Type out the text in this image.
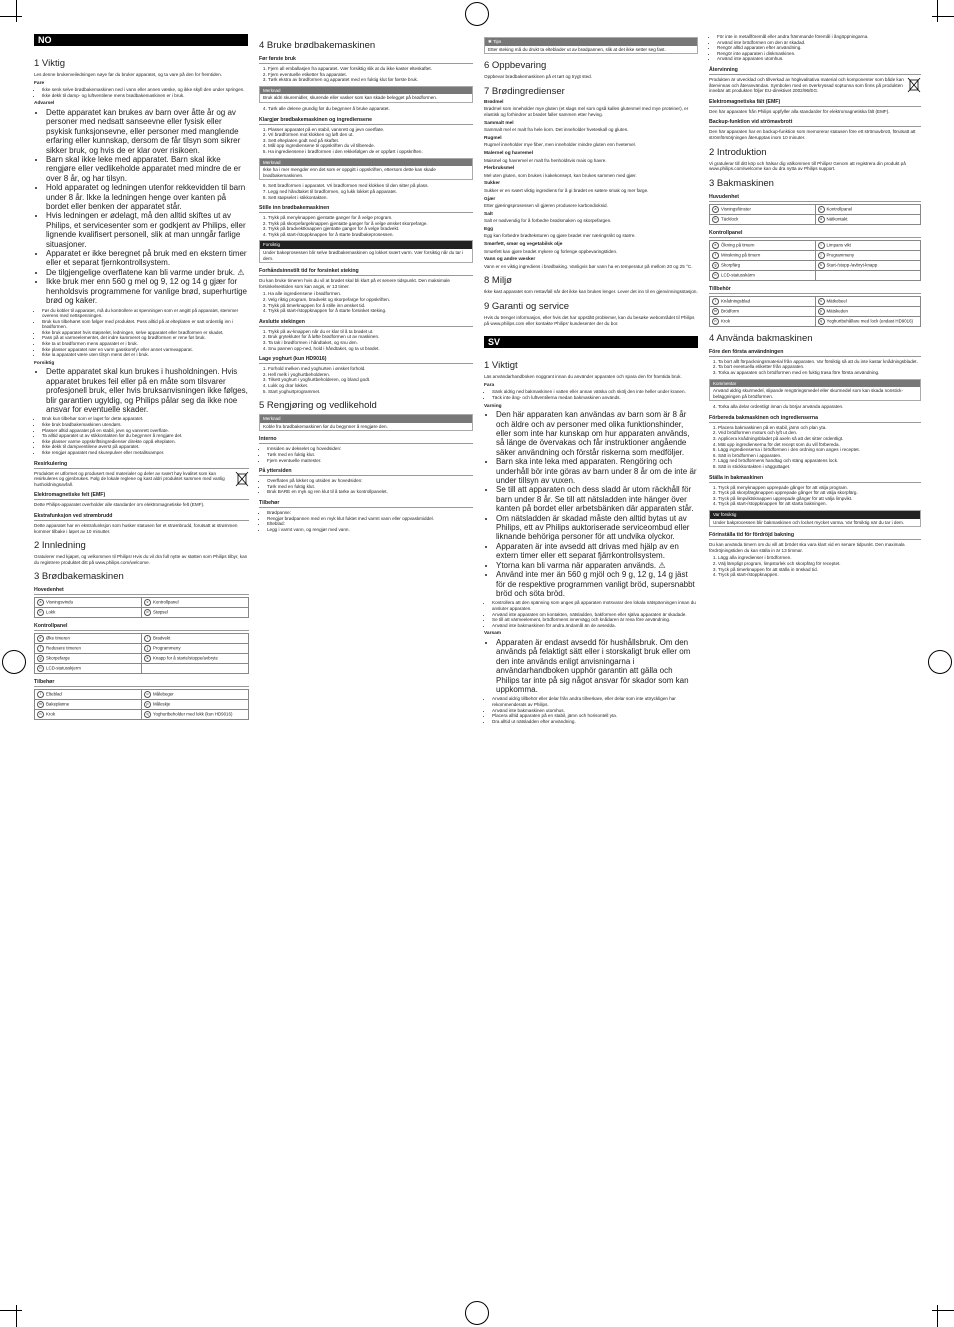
NO
1 Viktig

Les denne brukerveiledningen nøye før du bruker apparatet, og ta vare på den for fremtiden.

Fare
• Ikke senk selve brødbakemaskinen ned i vann eller annen væske, og ikke skyll den under springen.
• Ikke dekk til damp- og luftventilene mens brødbakemaskinen er i bruk.
Advarsel
• Dette apparatet kan brukes av barn over åtte år og av personer med nedsatt sanseevne eller fysisk eller psykisk funksjonsevne, eller personer med manglende erfaring eller kunnskap, dersom de får tilsyn som sikrer sikker bruk, og hvis de er klar over risikoen.
• Barn skal ikke leke med apparatet. Barn skal ikke rengjøre eller vedlikeholde apparatet med mindre de er over 8 år, og har tilsyn.
• Hold apparatet og ledningen utenfor rekkevidden til barn under 8 år. Ikke la ledningen henge over kanten på bordet eller benken der apparatet står.
• Hvis ledningen er ødelagt, må den alltid skiftes ut av Philips, et servicesenter som er godkjent av Philips, eller lignende kvalifisert personell, slik at man unngår farlige situasjoner.
• Apparatet er ikke beregnet på bruk med en ekstern timer eller et separat fjernkontrollsystem.
• De tilgjengelige overflatene kan bli varme under bruk. ⚠
• Ikke bruk mer enn 560 g mel og 9, 12 og 14 g gjær for henholdsvis programmene for vanlige brød, superhurtige brød og kaker.
• Før du kobler til apparatet, må du kontrollere at spenningen som er angitt på apparatet, stemmer overens med nettspenningen.
• Bruk kun tilbehøret som følger med produktet. Pass alltid på at elteplaten er satt ordentlig inn i brødformen.
• Ikke bruk apparatet hvis støpselet, ledningen, selve apparatet eller brødformen er skadet.
• Pass på at varmeelementet, det indre kammeret og brødformen er rene før bruk.
• Ikke ta ut brødformen mens apparatet er i bruk.
• Ikke plasser apparatet nær en varm gasskomfyr eller annet varmeapparat.
• Ikke la apparatet være uten tilsyn mens det er i bruk.
Forsiktig
• Dette apparatet skal kun brukes i husholdningen. Hvis apparatet brukes feil eller på en måte som tilsvarer profesjonell bruk, eller hvis bruksanvisningen ikke følges, blir garantien ugyldig, og Philips pålar seg da ikke noe ansvar for eventuelle skader.
• Bruk kun tilbehør som er laget for dette apparatet.
• Ikke bruk brødbakemaskinen utendørs.
• Plasser alltid apparatet på en stabil, jevn og vannrett overflate.
• Ta alltid apparatet ut av stikkontakten før du begynner å rengjøre det.
• Ikke plasser varme oppskriftsingredienser direkte oppå elteplaten.
• Ikke dekk til dampventilene øverst på apparatet.
• Ikke rengjør apparatet med skurepulver eller metallsvamper.
Resirkulering

Produktet er utformet og produsert med materialer og deler av svært høy kvalitet som kan resirkuleres og gjenbrukes. Følg de lokale reglene og kast aldri produktet sammen med vanlig husholdningsavfall.

Elektromagnetiske felt (EMF)

Dette Philips-apparatet overholder alle standarder om elektromagnetiske felt (EMF).

Ekstrafunksjon ved strømbrudd

Dette apparatet har en ekstrafunksjon som husker statusen før et strømbrudd, forutsatt at strømmen kommer tilbake i løpet av 10 minutter.

2 Innledning

Gratulerer med kjøpet, og velkommen til Philips! Hvis du vil dra full nytte av støtten som Philips tilbyr, kan du registrere produktet ditt på www.philips.com/welcome.

3 Brødbakemaskinen
Hovedenhet
a Visningsvindu	c Kontrollpanel
b Lokk	d Støpsel
Kontrollpanel
e Øke timeren	i Bradvekt
f Redusere timeren	j Programmeny
g Skorpefarge	k Knapp for å starte/stoppe/avbryte
h LCD-statusskjerm	
Tilbehør
l Elteblad	o Målebeger
m Bakeplanne	p Måleskje
n Krok	q Yoghurtbeholder med lokk (kun HD9016)
4 Bruke brødbakemaskinen
Før første bruk
1. Fjern all emballasjen fra apparatet. Vær forsiktig slik at du ikke kaster elteskaftet.
2. Fjern eventuelle etiketter fra apparatet.
3. Tørk ekstra av brødformen og apparatet med en fuktig klut før første bruk.
Merknad
Bruk aldri skuremidler, skurende eller vasker som kan skade belegget på brødformen.
4. Tørk alle delene grundig før du begynner å bruke apparatet.
Klargjør brødbakemaskinen og ingrediensene
1. Plasser apparatet på en stabil, vannrett og jevn overflate.
2. Vri brødformen mot klokken og løft den ut.
3. Sett elteplaten godt ned på skaftet.
4. Mål opp ingrediensene til oppskriften du vil tilberede.
5. Ha ingrediensene i brødformen i den rekkefølgen de er oppført i oppskriften.
Merknad
Ikke ha i mer mengder enn det som er oppgitt i oppskriften, ettersom dette kan skade brødbakemaskinen.
6. Sett brødformen i apparatet. Vri brødformen med klokken til den sitter på plass.
7. Legg ned håndtaket til brødformen, og lukk lokket på apparatet.
8. Sett støpselet i stikkontakten.
Stille inn brødbakemaskinen
1. Trykk på menyknappen gjentatte ganger for å velge program.
2. Trykk på skorpefargeknappen gjentatte ganger for å velge ønsket skorpefarge.
3. Trykk på bradvektknappen gjentatte ganger for å velge bradvekt.
4. Trykk på start-/stoppknappen for å starte brødbakeprosessen.
Forsiktig
Under bakeprosessen blir selve brødbakemaskinen og lokket svært varm. Vær forsiktig når du tar i dem.
Forhåndsinnstilt tid for forsinket steking

Du kan bruke timeren hvis du vil at brødet skal bli klart på et senere tidspunkt. Den maksimale forsinkelsestiden som kan angis, er 13 timer.

1. Ha alle ingrediensene i brødformen.
2. Velg riktig program, bradvekt og skorpefarge for oppskriften.
3. Trykk på timerknappen for å stille inn ønsket tid.
4. Trykk på start-/stoppknappen for å starte forsinket steking.
Avslutte stekingen
1. Trykk på av-knappen når du er klar til å ta brødet ut.
2. Bruk grytekluter for å løfte brødformen ut av maskinen.
3. Ta tak i brødformen i håndtaket, og snu den.
4. Snu pannen opp-ned, hold i håndtaket, og ta ut brødet.
Lage yoghurt (kun HD9016)
1. Forhold melken med yoghurten i ønsket forhold.
2. Hell melk i yoghurtbeholderen.
3. Tilsett yoghurt i yoghurtbeholderen, og bland godt.
4. Lukk og drar lokket.
5. Start yoghurtprogrammet.
5 Rengjøring og vedlikehold
Merknad
Koble fra brødbakemaskinen før du begynner å rengjøre den.
Interno
• Innsiden av dekselet og hovedsiden:
• Tørk med en fuktig klut.
• Fjern eventuelle matrester.
På yttersiden
• Overflaten på lokket og utsiden av hovedsiden:
• Tørk med en fuktig klut.
• Bruk BARE en myk og ren klut til å tørke av kontrollpanelet.
Tilbehør
• Brødpanne:
• Rengjør brødpannen med en myk klut fuktet med varmt vann eller oppvaskmiddel.
• Elteblad:
• Legg i varmt vann, og rengjør med vann.
✱ Tips
Etter steking må du drukt ta elteblader ut av brødpannen, slik at det ikke setter seg fast.
6 Oppbevaring

Oppbevar brødbakemaskinen på et tørt og trygt sted.

7 Brødingredienser
Brødmel

Brødmel som inneholder mye gluten (et slags mel som også kalles glutenmel med mye proteiner), er elastisk og forhindrer at brødet faller sammen etter heving.

Sammalt mel

Sammalt mel er malt fra hele korn. Det inneholder hveteskall og gluten.

Rugmel

Rugmel inneholder mye fiber, men inneholder mindre gluten enn hvetemel.

Malernel og havremel

Maismel og havremel er malt fra henholdsvis mais og havre.

Flerbruksmel

Mel uten gluten, som brukes i kakekonsept, kan brukes sammen med gjær.

Sukker

Sukker er en svært viktig ingrediens for å gi brødet en søtere smak og mer farge.

Gjær

Etter gjæringsprosessen vil gjæren produsere karbondioksid.

Salt

Salt er nødvendig for å forbedre brødsmaken og skorpefargen.

Egg

Egg kan forbedre brødteksturen og gjøre brødet mer næringsrikt og større.

Smørfett, smør og vegetabilsk olje

Smørfett kan gjøre brødet mykere og forlenge oppbevaringstiden.

Vann og andre væsker

Vann er en viktig ingrediens i brødbaking. Vanligvis bør vann ha en temperatur på mellom 20 og 25 °C.

8 Miljø

Ikke kast apparatet som restavfall når det ikke kan brukes lenger. Lever det inn til en gjenvinningsstasjon.

9 Garanti og service

Hvis du trenger informasjon, eller hvis det har oppstått problemer, kan du besøke webområdet til Philips på www.philips.com eller kontakte Philips' kundesenter der du bor.

SV
1 Viktigt

Läs användarhandboken noggrant innan du använder apparaten och spara den för framtida bruk.

Fara
• Sänk aldrig ned bakmaskinen i vatten eller annan vätska och skölj den inte heller under kranen.
• Täck inte ång- och luftventilerna medan bakmaskinen används.
Varning
• Den här apparaten kan användas av barn som är 8 år och äldre och av personer med olika funktionshinder, eller som inte har kunskap om hur apparaten används, så länge de övervakas och får instruktioner angående säker användning och förstår riskerna som medföljer.
• Barn ska inte leka med apparaten. Rengöring och underhåll bör inte göras av barn under 8 år om de inte är under tillsyn av vuxen.
• Se till att apparaten och dess sladd är utom räckhåll för barn under 8 år. Se till att nätsladden inte hänger över kanten på bordet eller arbetsbänken där apparaten står.
• Om nätsladden är skadad måste den alltid bytas ut av Philips, ett av Philips auktoriserade serviceombud eller liknande behöriga personer för att undvika olyckor.
• Apparaten är inte avsedd att drivas med hjälp av en extern timer eller ett separat fjärrkontrollsystem.
• Ytorna kan bli varma när apparaten används. ⚠
• Använd inte mer än 560 g mjöl och 9 g, 12 g, 14 g jäst för de respektive programmen vanligt bröd, supersnabbt bröd och söta bröd.
• Kontrollera att den spänning som anges på apparaten motsvarar den lokala nätspänningen innan du ansluter apparaten.
• Använd inte apparaten om kontakten, nätsladden, bakformen eller själva apparaten är skadade.
• Se till att värmeelement, brödformens innervägg och knådaren är rena före användning.
• Använd inte bakmaskinen för andra ändamål än de avsedda.
Varsam
• Apparaten är endast avsedd för hushållsbruk. Om den används på felaktigt sätt eller i storskaligt bruk eller om den inte används enligt anvisningarna i användarhandboken upphör garantin att gälla och Philips tar inte på sig något ansvar för skador som kan uppkomma.
• Använd aldrig tillbehör eller delar från andra tillverkare, eller delar som inte uttryckligen har rekommenderats av Philips.
• Använd inte bakmaskinen utomhus.
• Placera alltid apparaten på en stabil, jämn och horisontell yta.
• Dra alltid ut nätsladden efter användning.
• För inte in metallföremål eller andra främmande föremål i ångöppningarna.
• Använd inte brödformen om den är skadad.
• Rengör alltid apparaten efter användning.
• Rengör inte apparaten i diskmaskinen.
• Använd inte apparaten utomhus.
Återvinning

Produkten är utvecklad och tillverkad av högkvalitativa material och komponenter som både kan återvinnas och återanvändas. Symbolen med en överkryssad soptunna som finns på produkten innebär att produkten följer EU-direktivet 2002/96/EG.

Elektromagnetiska fält (EMF)

Den här apparaten från Philips uppfyller alla standarder för elektromagnetiska fält (EMF).

Backup-funktion vid strömavbrott

Den här apparaten har en backup-funktion som memorerar statusen före ett strömavbrott, förutsatt att strömförsörjningen återupptas inom 10 minuter.

2 Introduktion

Vi gratulerar till ditt köp och hälsar dig välkommen till Philips! Genom att registrera din produkt på www.philips.com/welcome kan du dra nytta av Philips support.

3 Bakmaskinen
Huvudenhet
a Visningsfönster	c Kontrollpanel
b Täcklock	d Nätkontakt
Kontrollpanel
e Ökning på timern	i Limpans vikt
f Minskning på timern	j Programmeny
g Skorpfärg	k Start-/stopp-/avbryt-knapp
h LCD-statusskärm	
Tillbehör
l Knådningsblad	o Mätkobeel
m Brödform	p Mätskeden
n Krok	q Yoghurtbehållare med lock (endast HD9016)
4 Använda bakmaskinen
Före den första användningen
1. Ta bort allt förpackningsmaterial från apparaten. Var försiktig så att du inte kastar knådningsbladet.
2. Ta bort eventuella etiketter från apparaten.
3. Torka av apparaten och brödformen med en fuktig trasa före första användning.
Kommentar
Använd aldrig skurmedel, slipande rengöringsmedel eller skurmedel som kan skada nonstick-beläggningen på brödformen.
4. Torka alla delar ordentligt innan du börjar använda apparaten.
Förbereda bakmaskinen och ingredienserna
1. Placera bakmaskinen på en stabil, jämn och plan yta.
2. Vrid brödformen moturs och lyft ut den.
3. Applicera knådningsbladet på axeln så att det sitter ordentligt.
4. Mät upp ingredienserna för det recept som du vill förbereda.
5. Lägg ingredienserna i brödformen i den ordning som anges i receptet.
6. Sätt in brödformen i apparaten.
7. Lägg ned brödformens handtag och stäng apparatens lock.
8. Sätt in stickkontakten i vägguttaget.
Ställa in bakmaskinen
1. Tryck på menyknappen upprepade gånger för att välja program.
2. Tryck på skorpfärgknappen upprepade gånger för att välja skorpfärg.
3. Tryck på limpviktsknappen upprepade gånger för att välja limpvikt.
4. Tryck på start-/stoppknappen för att starta bakningen.
Var försiktig
Under bakprocessen blir bakmaskinen och locket mycket varma. Var försiktig när du tar i dem.
Förinställa tid för fördröjd bakning

Du kan använda timern om du vill att brödet ska vara klart vid en senare tidpunkt. Den maximala fördröjningstiden du kan ställa in är 13 timmar.

1. Lägg alla ingredienser i brödformen.
2. Välj lämpligt program, limpstorlek och skorpfärg för receptet.
3. Tryck på timerknappen för att ställa in önskad tid.
4. Tryck på start-/stoppknappen.
